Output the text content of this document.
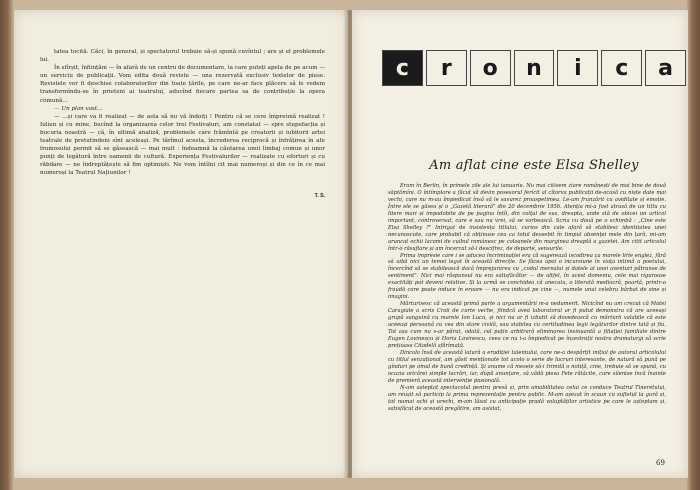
tatea tocită. Căci, în general, și spectatorul trebuie să-și spună cuvîntul ; are și el problemele lui.

În sfîrșit, înființăm — în afară de un centru de documentare, la care puteți apela de pe acum — un serviciu de publicații. Vom edita două reviste — una rezervată exclusiv textelor de piese. Revistele vor fi deschise colaboratorilor din toate țările, pe care ne-ar face plăcere să le vedem transformîndu-se în prieteni ai teatrului, aducînd fiecare partea sa de contribuție la opera comună...

— Un plan vast...

— ...și care va fi realizat — de asta să nu vă îndoiți ! Pentru că se cere împreună realizat ! Iulien și cu mine, bucînd la organizarea celor trei Festivaluri, am constatat — spre stupefacția și bucuria noastră — că, în ultimă analiză, problemele care frămîntă pe creatorii și iubitorii artei teatrale de pretutindeni sînt aceleași. Pe tărîmul acesta, încrederea reciprocă și înfrățirea în afe frumosului permit să se găsească — mai mult : îndeamnă la căutarea unui limbaj comun și unor punți de legătură între oamenii de cultură. Experiența Festivalurilor — realizate cu eforturi și cu răbdare — ne îndreptățește să fim optimiști. Ne vom întîlni cit mai numeroși și din ce în ce mai numeroși la Teatrul Națiunilor !

T. S.
c	r	o	n	i	c	a
Am aflat cine este Elsa Shelley

Eram în Berlin, în primele zile ale lui ianuarie. Nu mai citisem ziare românești de mai bine de două săptămîni. O întîmplare a făcut să devin posesorul fericit al cîtorva publicații de-acasă cu niște date mai vechi, care nu m-au împiedicat însă să le savurez proaspetimea. Le-am frunzărit cu aviditate și emoție. Între ele se găsea și o „Gazetă literară" din 20 decembrie 1956. Atenția mi-a fost atrasă de un titlu cu litere mari și impodobite de pe pagina întîi, din colțul de sus, dreapta, unde stă de obicei un articol important, controversat, care e sau nu vrei, să se vorbească. Scria cu două pe o schimbă : „Cine este Elsa Shelley ?" Intrigat de insistența titlului, curios din cale afară să stabilesc identitatea unei necunoscute, care probabil că obținuse cea ca totul deosebit în timpul absenței mele din țară, mi-am aruncat ochii lacomi de cuibul românesc pe coloanele din marginea dreaptă a gazetei. Am citit articolul într-o răsuflare și am încercat să-i descifrez, de departe, sensurile.

Prima impresie care i se aducea încriminației era că sugerează iscodirea ca morele lirie englez, fără să aibă nici un temei legat în această direcție. Se făcea apoi o incursiune în viața intimă a poetului, încercînd să se stabilească dacă împrejurarea cu „codul mersului și datele al unei aventuri pătrunse de sentiment". Nici mai răspunsul nu era satisfăcător — de altfel, în acest domeniu, cele mai riguroase exactități pot deveni relative. Și la urmă se conchidea că anecata, o literată mediocră, poartă, printr-o fraudă care poate induce în eroare — nu era indicat pe cine —, numele unui celebru bărbat de sine și imagini.

Mărturisesc că această primă parte a argumentării m-a nedumerit. Nicicînd nu am crezut că Matei Caragiale a scris Craii de curte veche, fiindcă avea laboratorul ar fi putut demonstra că are aceeași grupă sanguină cu marele Ion Luca, și nici nu ar fi izbutit să dovedească cu mărturii valabile că este aceeași persoană cu cea din stare civilă, sau stabilea cu certitudinea legii legăturilor dintre tată și fiu. Tot așa cum nu s-ar părut, odată, cel puțin arbitrară eliminarea insinuantă a filiației familiale dintre Eugen Lovinescu și Horia Lovinescu, ceea ce nu i-a împiedicat pe înzestrații nostra dramaturgi să scrie prețioasa Citadelă sfărîmată.

Dincolo însă de această latură a erudiției talentului, care ne-a despărțit inițial de autorul articolului cu titlul senzațional, am găsit menționate tot acolo o serie de lucruri interesante, de natură să pună pe gînduri pe omul de bună credință. Și anume că mesele să-i trimită o notiță, cine, trebuie să se spună, cu ocazia oricărei simple lucrări, iar, după anunțare, să vădă piesa Fete rătăcite, care silenise încă înainte de premieră această intervenție pasională.

N-am așteptat spectacolul pentru presă și, prin amabilitatea celui ce conduce Teatrul Tineretului, am reușit să particip la prima reprezentație pentru public. M-am așezat în scaun cu sufletul la gură și, tot numai ochi și urechi, m-am lăsat cu anticipație pradă voluptăților artistice pe care le așteptam și, satisfăcut de această pregătire, am asistat,

69
